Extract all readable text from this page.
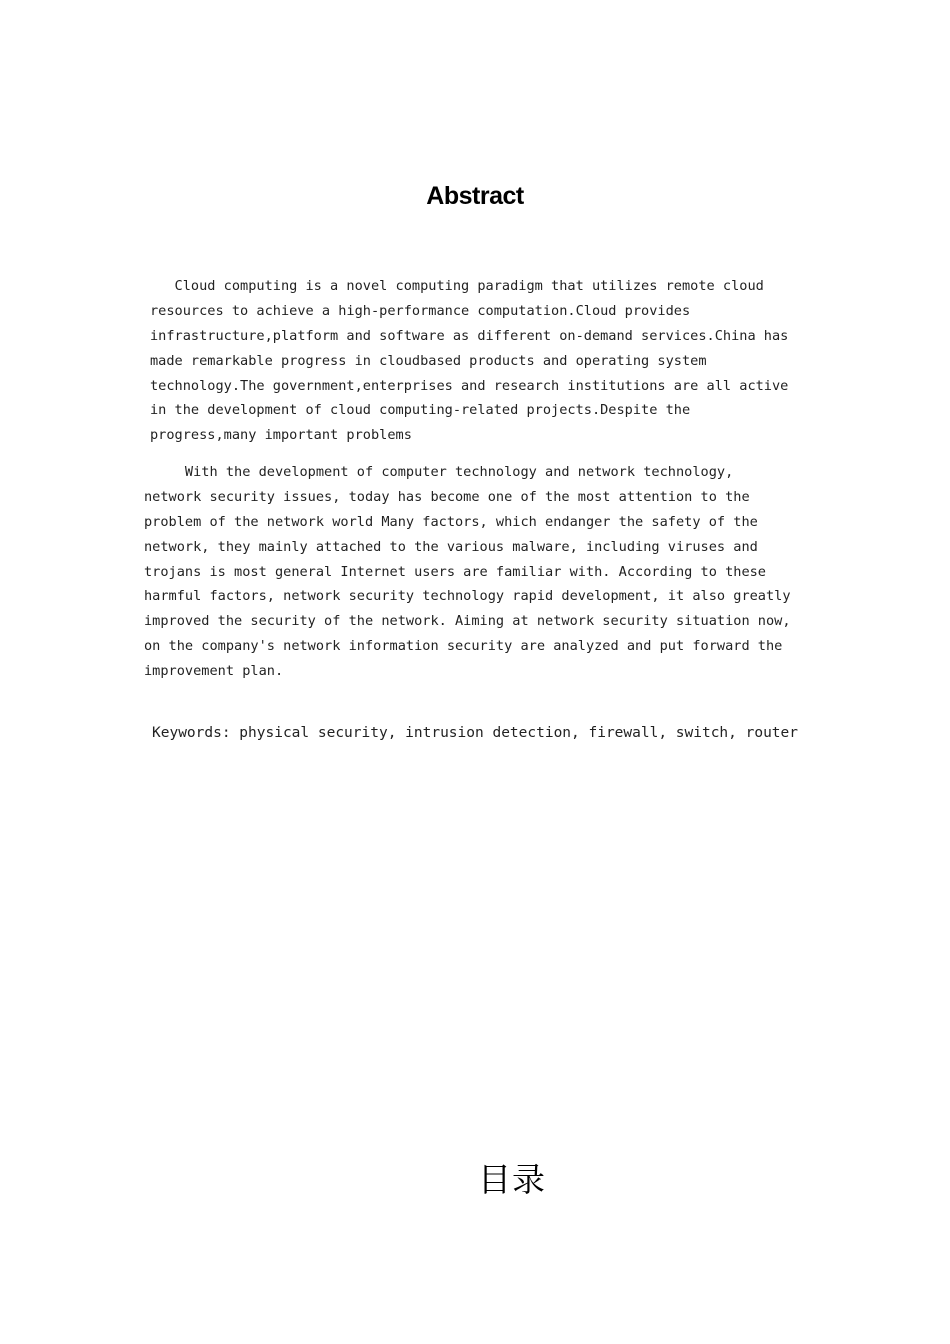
Abstract
Cloud computing is a novel computing paradigm that utilizes remote cloud
resources to achieve a high-performance computation.Cloud provides
infrastructure,platform and software as different on-demand services.China has
made remarkable progress in cloudbased products and operating system
technology.The government,enterprises and research institutions are all active
in the development of cloud computing-related projects.Despite the
progress,many important problems
With the development of computer technology and network technology,
network security issues, today has become one of the most attention to the
problem of the network world Many factors, which endanger the safety of the
network, they mainly attached to the various malware, including viruses and
trojans is most general Internet users are familiar with. According to these
harmful factors, network security technology rapid development, it also greatly
improved the security of the network. Aiming at network security situation now,
on the company's network information security are analyzed and put forward the
improvement plan.
Keywords: physical security, intrusion detection, firewall, switch, router
目录
